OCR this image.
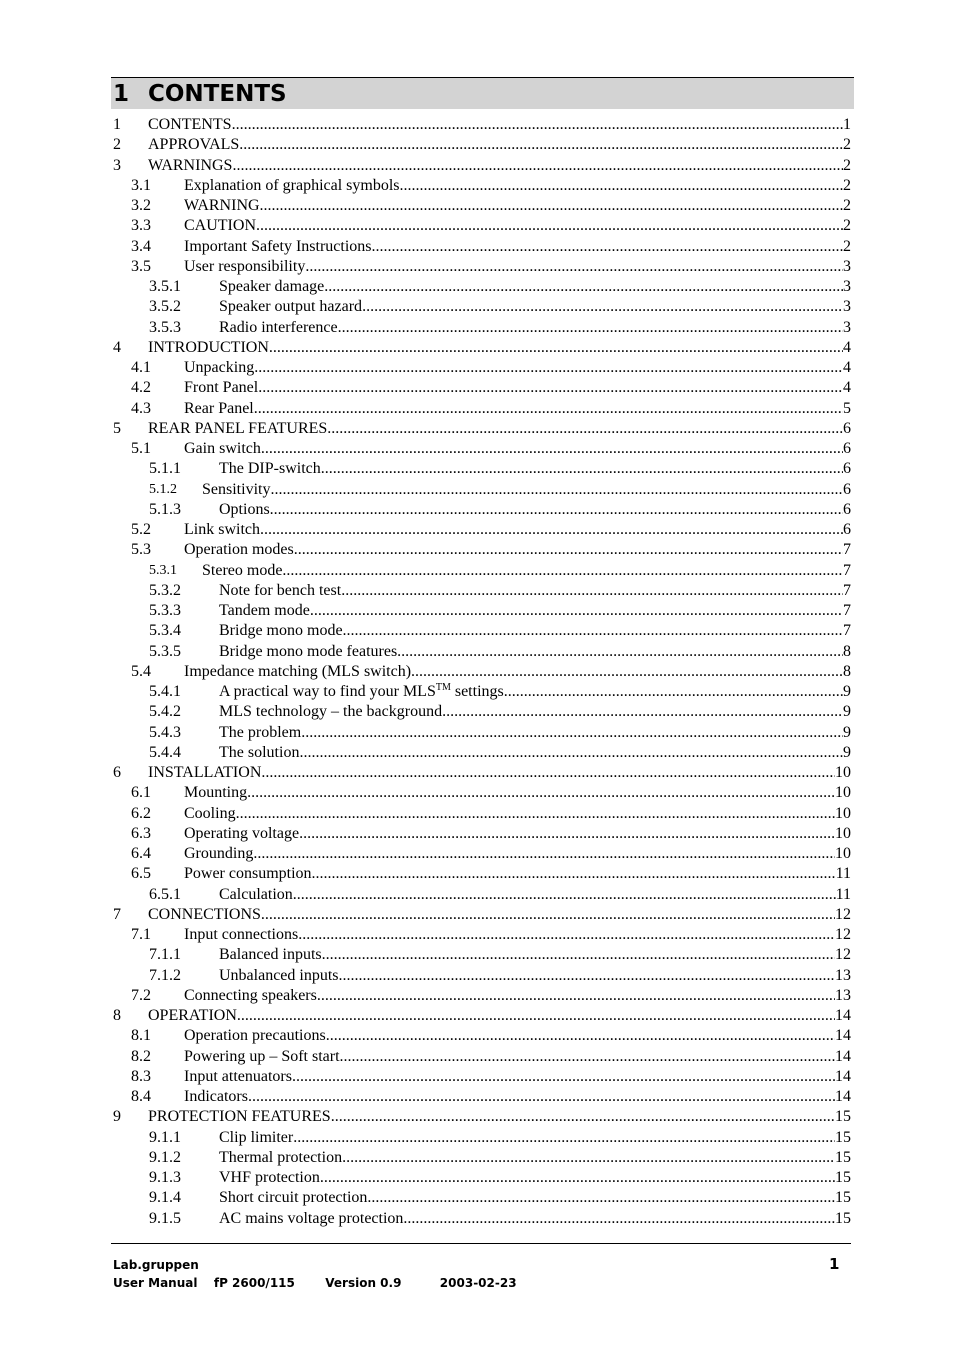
1 CONTENTS
1 CONTENTS .....	1
2 APPROVALS .....	2
3 WARNINGS .....	2
3.1 Explanation of graphical symbols .....	2
3.2 WARNING .....	2
3.3 CAUTION .....	2
3.4 Important Safety Instructions .....	2
3.5 User responsibility .....	3
3.5.1 Speaker damage .....	3
3.5.2 Speaker output hazard .....	3
3.5.3 Radio interference .....	3
4 INTRODUCTION .....	4
4.1 Unpacking .....	4
4.2 Front Panel .....	4
4.3 Rear Panel .....	5
5 REAR PANEL FEATURES .....	6
5.1 Gain switch .....	6
5.1.1 The DIP-switch .....	6
5.1.2 Sensitivity .....	6
5.1.3 Options .....	6
5.2 Link switch .....	6
5.3 Operation modes .....	7
5.3.1 Stereo mode .....	7
5.3.2 Note for bench test .....	7
5.3.3 Tandem mode .....	7
5.3.4 Bridge mono mode .....	7
5.3.5 Bridge mono mode features .....	8
5.4 Impedance matching (MLS switch) .....	8
5.4.1 A practical way to find your MLS™ settings .....	9
5.4.2 MLS technology – the background .....	9
5.4.3 The problem .....	9
5.4.4 The solution .....	9
6 INSTALLATION .....	10
6.1 Mounting .....	10
6.2 Cooling .....	10
6.3 Operating voltage .....	10
6.4 Grounding .....	10
6.5 Power consumption .....	11
6.5.1 Calculation .....	11
7 CONNECTIONS .....	12
7.1 Input connections .....	12
7.1.1 Balanced inputs .....	12
7.1.2 Unbalanced inputs .....	13
7.2 Connecting speakers .....	13
8 OPERATION .....	14
8.1 Operation precautions .....	14
8.2 Powering up – Soft start .....	14
8.3 Input attenuators .....	14
8.4 Indicators .....	14
9 PROTECTION FEATURES .....	15
9.1.1 Clip limiter .....	15
9.1.2 Thermal protection .....	15
9.1.3 VHF protection .....	15
9.1.4 Short circuit protection .....	15
9.1.5 AC mains voltage protection .....	15
Lab.gruppen
User Manual fP 2600/115	Version 0.9	2003-02-23
1
